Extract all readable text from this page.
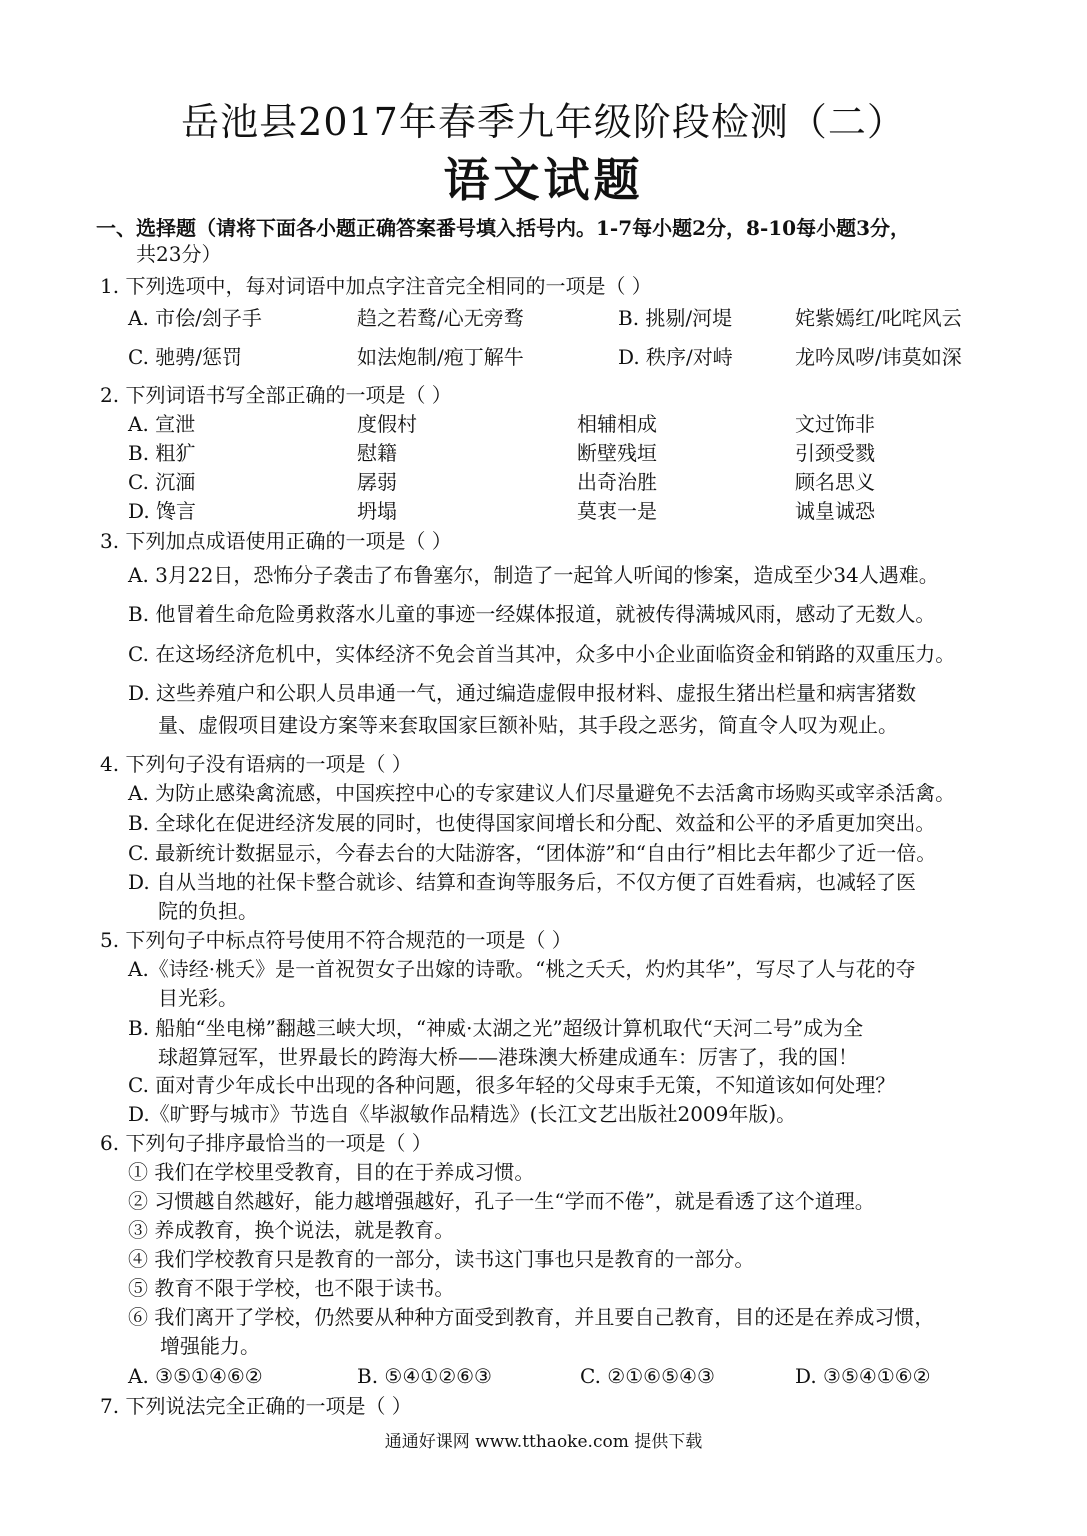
岳池县2017年春季九年级阶段检测（二）
语文试题
一、选择题（请将下面各小题正确答案番号填入括号内。1-7每小题2分，8-10每小题3分，
共23分）
1. 下列选项中，每对词语中加点字注音完全相同的一项是（ ）
A. 市侩/刽子手	趋之若鹜/心无旁骛	B. 挑剔/河堤	姹紫嫣红/叱咤风云
C. 驰骋/惩罚	如法炮制/疱丁解牛	D. 秩序/对峙	龙吟凤哕/讳莫如深
2. 下列词语书写全部正确的一项是（ ）
A. 宣泄	度假村	相辅相成	文过饰非
B. 粗犷	慰籍	断壁残垣	引颈受戮
C. 沉湎	孱弱	出奇治胜	顾名思义
D. 馋言	坍塌	莫衷一是	诚皇诚恐
3. 下列加点成语使用正确的一项是（ ）
A. 3月22日，恐怖分子袭击了布鲁塞尔，制造了一起耸人听闻的惨案，造成至少34人遇难。
B. 他冒着生命危险勇救落水儿童的事迹一经媒体报道，就被传得满城风雨，感动了无数人。
C. 在这场经济危机中，实体经济不免会首当其冲，众多中小企业面临资金和销路的双重压力。
D. 这些养殖户和公职人员串通一气，通过编造虚假申报材料、虚报生猪出栏量和病害猪数
量、虚假项目建设方案等来套取国家巨额补贴，其手段之恶劣，简直令人叹为观止。
4. 下列句子没有语病的一项是（ ）
A. 为防止感染禽流感，中国疾控中心的专家建议人们尽量避免不去活禽市场购买或宰杀活禽。
B. 全球化在促进经济发展的同时，也使得国家间增长和分配、效益和公平的矛盾更加突出。
C. 最新统计数据显示，今春去台的大陆游客，“团体游”和“自由行”相比去年都少了近一倍。
D. 自从当地的社保卡整合就诊、结算和查询等服务后，不仅方便了百姓看病，也减轻了医
院的负担。
5. 下列句子中标点符号使用不符合规范的一项是（ ）
A.《诗经·桃夭》是一首祝贺女子出嫁的诗歌。“桃之夭夭，灼灼其华”，写尽了人与花的夺
目光彩。
B. 船舶“坐电梯”翻越三峡大坝，“神威·太湖之光”超级计算机取代“天河二号”成为全
球超算冠军，世界最长的跨海大桥——港珠澳大桥建成通车：厉害了，我的国！
C. 面对青少年成长中出现的各种问题，很多年轻的父母束手无策，不知道该如何处理？
D.《旷野与城市》节选自《毕淑敏作品精选》(长江文艺出版社2009年版)。
6. 下列句子排序最恰当的一项是（ ）
① 我们在学校里受教育，目的在于养成习惯。
② 习惯越自然越好，能力越增强越好，孔子一生“学而不倦”，就是看透了这个道理。
③ 养成教育，换个说法，就是教育。
④ 我们学校教育只是教育的一部分，读书这门事也只是教育的一部分。
⑤ 教育不限于学校，也不限于读书。
⑥ 我们离开了学校，仍然要从种种方面受到教育，并且要自己教育，目的还是在养成习惯，
增强能力。
A. ③⑤①④⑥②	B. ⑤④①②⑥③	C. ②①⑥⑤④③	D. ③⑤④①⑥②
7. 下列说法完全正确的一项是（ ）
通通好课网 www.tthaoke.com 提供下载
